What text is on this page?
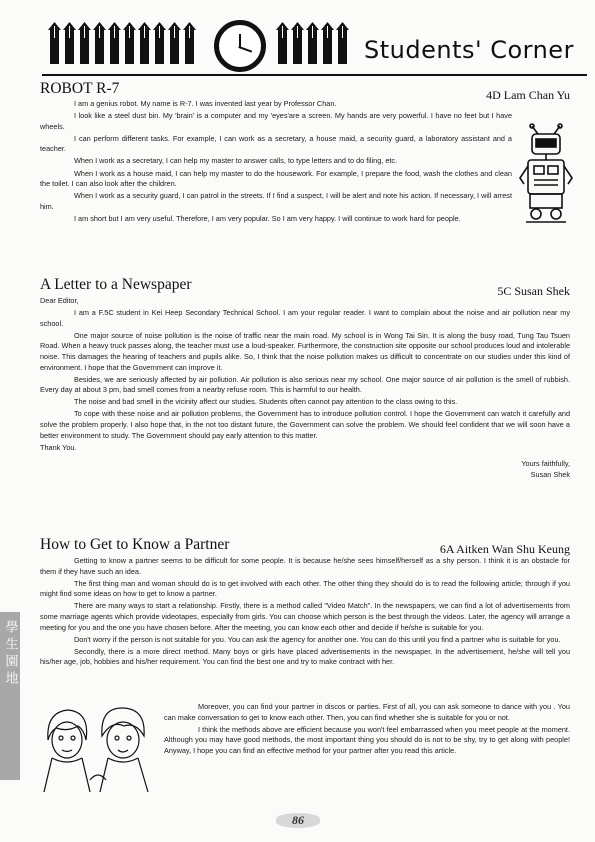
Students' Corner
ROBOT R-7	4D Lam Chan Yu

I am a genius robot. My name is R-7. I was invented last year by Professor Chan.

I look like a steel dust bin. My 'brain' is a computer and my 'eyes'are a screen. My hands are very powerful. I have no feet but I have wheels.

I can perform different tasks. For example, I can work as a secretary, a house maid, a security guard, a laboratory assistant and a teacher.

When I work as a secretary, I can help my master to answer calls, to type letters and to do filing, etc.

When I work as a house maid, I can help my master to do the housework. For example, I prepare the food, wash the clothes and clean the toilet. I can also look after the children.

When I work as a security guard, I can patrol in the streets. If I find a suspect, I will be alert and note his action. If necessary, I will arrest him.

I am short but I am very useful. Therefore, I am very popular. So I am very happy. I will continue to work hard for people.

A Letter to a Newspaper	5C Susan Shek

Dear Editor,

I am a F.5C student in Kei Heep Secondary Technical School. I am your regular reader. I want to complain about the noise and air pollution near my school.

One major source of noise pollution is the noise of traffic near the main road. My school is in Wong Tai Sin. It is along the busy road, Tung Tau Tsuen Road. When a heavy truck passes along, the teacher must use a loud-speaker. Furthermore, the construction site opposite our school produces loud and intolerable noise. This damages the hearing of teachers and pupils alike. So, I think that the noise pollution makes us difficult to concentrate on our studies under this kind of environment. I hope that the Government can improve it.

Besides, we are seriously affected by air pollution. Air pollution is also serious near my school. One major source of air pollution is the smell of rubbish. Every day at about 3 pm, bad smell comes from a nearby refuse room. This is harmful to our health.

The noise and bad smell in the vicinity affect our studies. Students often cannot pay attention to the class owing to this.

To cope with these noise and air pollution problems, the Government has to introduce pollution control. I hope the Government can watch it carefully and solve the problem properly. I also hope that, in the not too distant future, the Government can solve the problem. We should feel confident that we will soon have a better environment to study. The Government should pay early attention to this matter.

Thank You.

Yours faithfully,
Susan Shek
How to Get to Know a Partner	6A Aitken Wan Shu Keung

Getting to know a partner seems to be difficult for some people. It is because he/she sees himself/herself as a shy person. I think it is an obstacle for them if they have such an idea.

The first thing man and woman should do is to get involved with each other. The other thing they should do is to read the following article; through if you might find some ideas on how to get to know a partner.

There are many ways to start a relationship. Firstly, there is a method called "Video Match". In the newspapers, we can find a lot of advertisements from some marriage agents which provide videotapes, especially from girls. You can choose which person is the best through the videos. Later, the agency will arrange a meeting for you and the one you have chosen before. After the meeting, you can know each other and decide if he/she is suitable for you.

Don't worry if the person is not suitable for you. You can ask the agency for another one. You can do this until you find a partner who is suitable for you.

Secondly, there is a more direct method. Many boys or girls have placed advertisements in the newspaper. In the advertisement, he/she will tell you his/her age, job, hobbies and his/her requirement. You can find the best one and try to make contract with her.

Moreover, you can find your partner in discos or parties. First of all, you can ask someone to dance with you . You can make conversation to get to know each other. Then, you can find whether she is suitable for you or not.

I think the methods above are efficient because you won't feel embarrassed when you meet people at the moment. Although you may have good methods, the most important thing you should do is not to be shy, try to get along with people! Anyway, I hope you can find an effective method for your partner after you read this article.

學生園地
86
